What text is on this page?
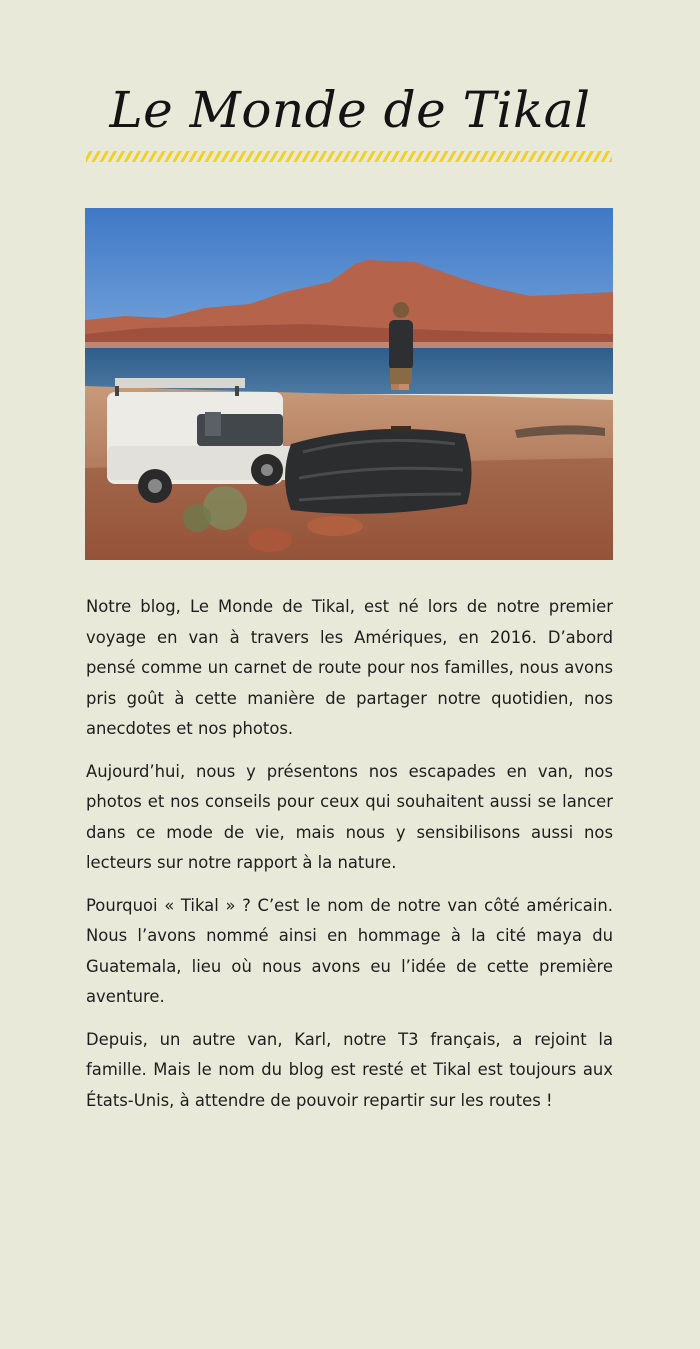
Le Monde de Tikal

Notre blog, Le Monde de Tikal, est né lors de notre premier voyage en van à travers les Amériques, en 2016. D’abord pensé comme un carnet de route pour nos familles, nous avons pris goût à cette manière de partager notre quotidien, nos anecdotes et nos photos.

Aujourd’hui, nous y présentons nos escapades en van, nos photos et nos conseils pour ceux qui souhaitent aussi se lancer dans ce mode de vie, mais nous y sensibilisons aussi nos lecteurs sur notre rapport à la nature.

Pourquoi « Tikal » ? C’est le nom de notre van côté américain. Nous l’avons nommé ainsi en hommage à la cité maya du Guatemala, lieu où nous avons eu l’idée de cette première aventure.

Depuis, un autre van, Karl, notre T3 français, a rejoint la famille. Mais le nom du blog est resté et Tikal est toujours aux États-Unis, à attendre de pouvoir repartir sur les routes !
